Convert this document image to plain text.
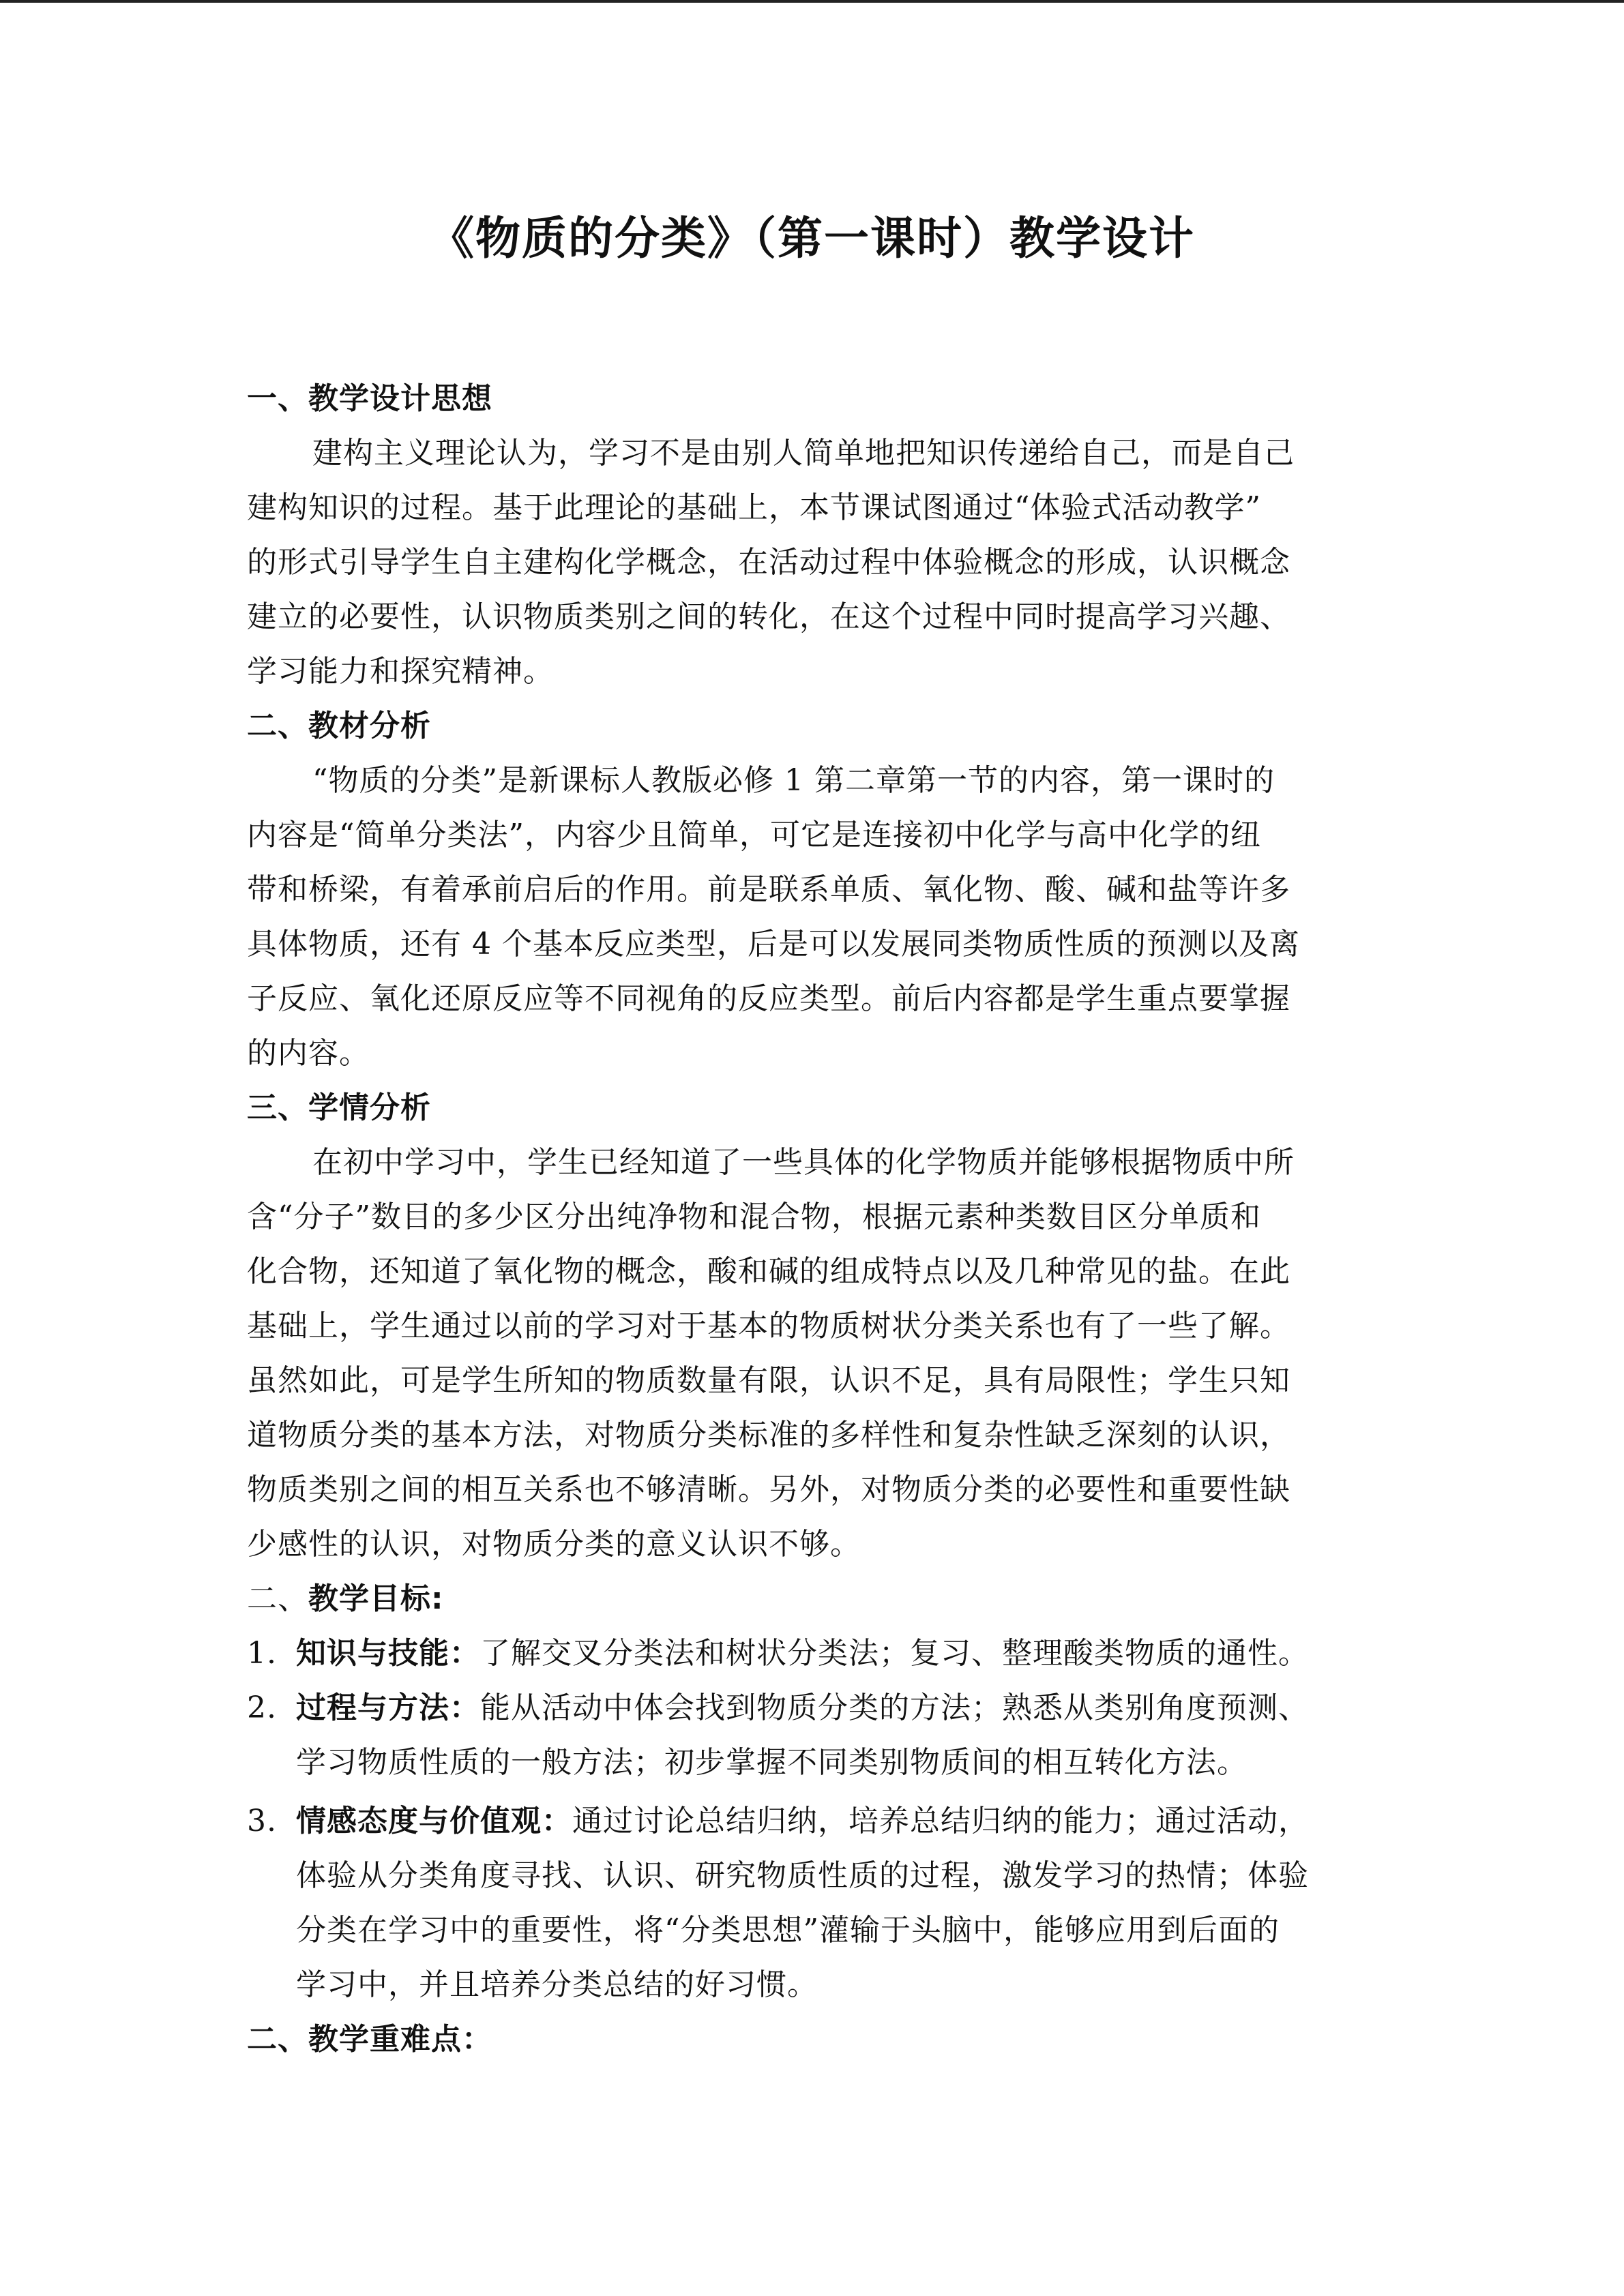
《物质的分类》（第一课时）教学设计
一、教学设计思想
建构主义理论认为，学习不是由别人简单地把知识传递给自己，而是自己
建构知识的过程。基于此理论的基础上，本节课试图通过“体验式活动教学”
的形式引导学生自主建构化学概念，在活动过程中体验概念的形成，认识概念
建立的必要性，认识物质类别之间的转化，在这个过程中同时提高学习兴趣、
学习能力和探究精神。
二、教材分析
“物质的分类”是新课标人教版必修 1 第二章第一节的内容，第一课时的
内容是“简单分类法”，内容少且简单，可它是连接初中化学与高中化学的纽
带和桥梁，有着承前启后的作用。前是联系单质、氧化物、酸、碱和盐等许多
具体物质，还有 4 个基本反应类型，后是可以发展同类物质性质的预测以及离
子反应、氧化还原反应等不同视角的反应类型。前后内容都是学生重点要掌握
的内容。
三、学情分析
在初中学习中，学生已经知道了一些具体的化学物质并能够根据物质中所
含“分子”数目的多少区分出纯净物和混合物，根据元素种类数目区分单质和
化合物，还知道了氧化物的概念，酸和碱的组成特点以及几种常见的盐。在此
基础上，学生通过以前的学习对于基本的物质树状分类关系也有了一些了解。
虽然如此，可是学生所知的物质数量有限，认识不足，具有局限性；学生只知
道物质分类的基本方法，对物质分类标准的多样性和复杂性缺乏深刻的认识，
物质类别之间的相互关系也不够清晰。另外，对物质分类的必要性和重要性缺
少感性的认识，对物质分类的意义认识不够。
二、教学目标:
1. 知识与技能：了解交叉分类法和树状分类法；复习、整理酸类物质的通性。
2. 过程与方法：能从活动中体会找到物质分类的方法；熟悉从类别角度预测、
学习物质性质的一般方法；初步掌握不同类别物质间的相互转化方法。
3. 情感态度与价值观：通过讨论总结归纳，培养总结归纳的能力；通过活动，
体验从分类角度寻找、认识、研究物质性质的过程，激发学习的热情；体验
分类在学习中的重要性，将“分类思想”灌输于头脑中，能够应用到后面的
学习中，并且培养分类总结的好习惯。
二、教学重难点：
